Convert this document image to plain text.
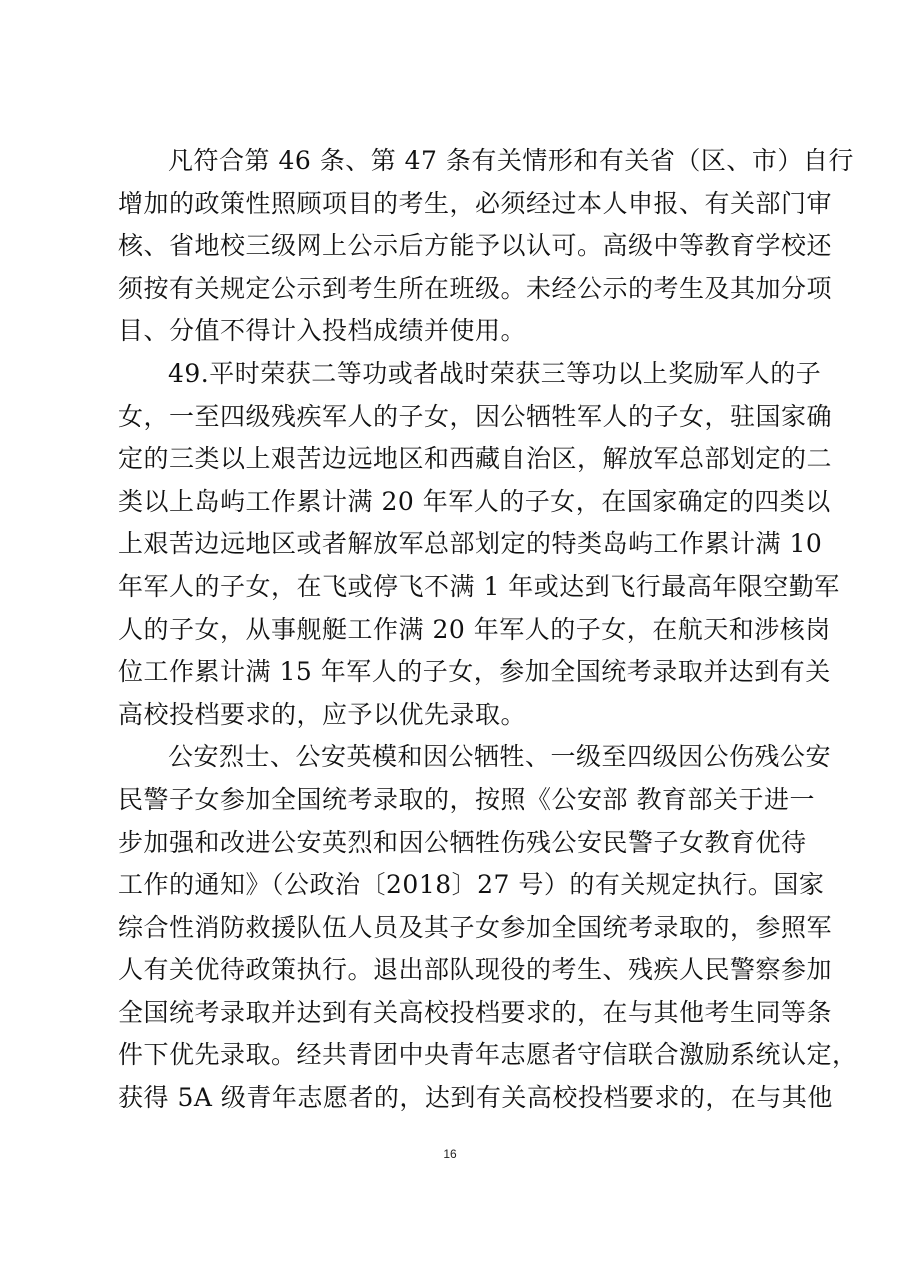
凡符合第 46 条、第 47 条有关情形和有关省（区、市）自行
增加的政策性照顾项目的考生，必须经过本人申报、有关部门审
核、省地校三级网上公示后方能予以认可。高级中等教育学校还
须按有关规定公示到考生所在班级。未经公示的考生及其加分项
目、分值不得计入投档成绩并使用。
49.平时荣获二等功或者战时荣获三等功以上奖励军人的子
女，一至四级残疾军人的子女，因公牺牲军人的子女，驻国家确
定的三类以上艰苦边远地区和西藏自治区，解放军总部划定的二
类以上岛屿工作累计满 20 年军人的子女，在国家确定的四类以
上艰苦边远地区或者解放军总部划定的特类岛屿工作累计满 10
年军人的子女，在飞或停飞不满 1 年或达到飞行最高年限空勤军
人的子女，从事舰艇工作满 20 年军人的子女，在航天和涉核岗
位工作累计满 15 年军人的子女，参加全国统考录取并达到有关
高校投档要求的，应予以优先录取。
公安烈士、公安英模和因公牺牲、一级至四级因公伤残公安
民警子女参加全国统考录取的，按照《公安部 教育部关于进一
步加强和改进公安英烈和因公牺牲伤残公安民警子女教育优待
工作的通知》（公政治〔2018〕27 号）的有关规定执行。国家
综合性消防救援队伍人员及其子女参加全国统考录取的，参照军
人有关优待政策执行。退出部队现役的考生、残疾人民警察参加
全国统考录取并达到有关高校投档要求的，在与其他考生同等条
件下优先录取。经共青团中央青年志愿者守信联合激励系统认定，
获得 5A 级青年志愿者的，达到有关高校投档要求的，在与其他
16
